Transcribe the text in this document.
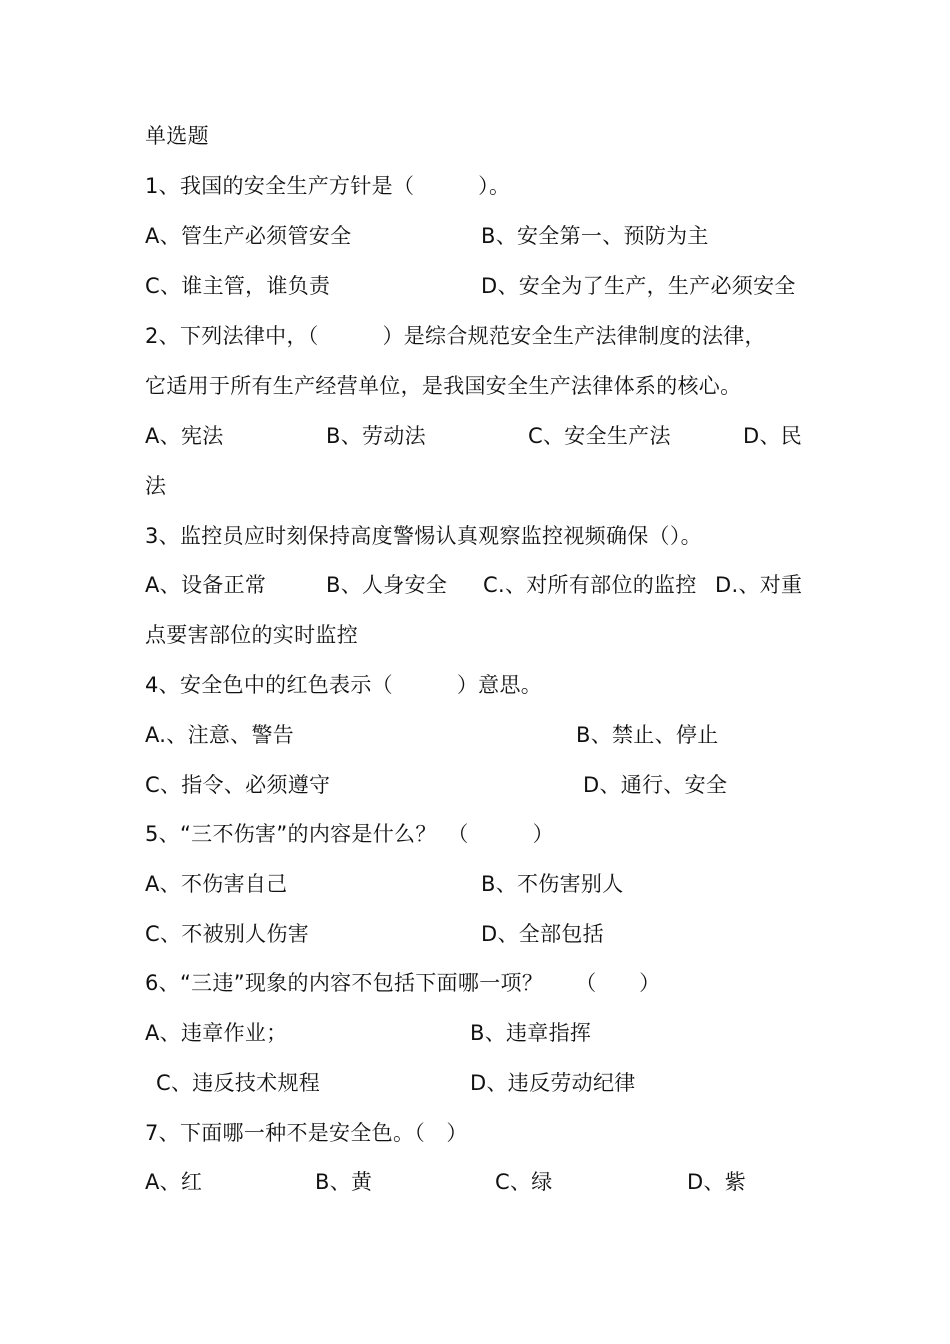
单选题
1、我国的安全生产方针是（　　　）。
A、管生产必须管安全	B、安全第一、预防为主
C、谁主管，谁负责	D、安全为了生产，生产必须安全
2、下列法律中，（　　　）是综合规范安全生产法律制度的法律，
它适用于所有生产经营单位，是我国安全生产法律体系的核心。
A、宪法	B、劳动法	C、安全生产法	D、民
法
3、监控员应时刻保持高度警惕认真观察监控视频确保（）。
A、设备正常	B、人身安全 C.、对所有部位的监控 D.、对重
点要害部位的实时监控
4、安全色中的红色表示（　　　）意思。
A.、注意、警告	B、禁止、停止
C、指令、必须遵守	D、通行、安全
5、“三不伤害”的内容是什么？　（　　　）
A、不伤害自己	B、不伤害别人
C、不被别人伤害	D、全部包括
6、“三违”现象的内容不包括下面哪一项？　　（　　）
A、违章作业；	B、违章指挥
C、违反技术规程	D、违反劳动纪律
7、下面哪一种不是安全色。（　）
A、红	B、黄	C、绿	D、紫
